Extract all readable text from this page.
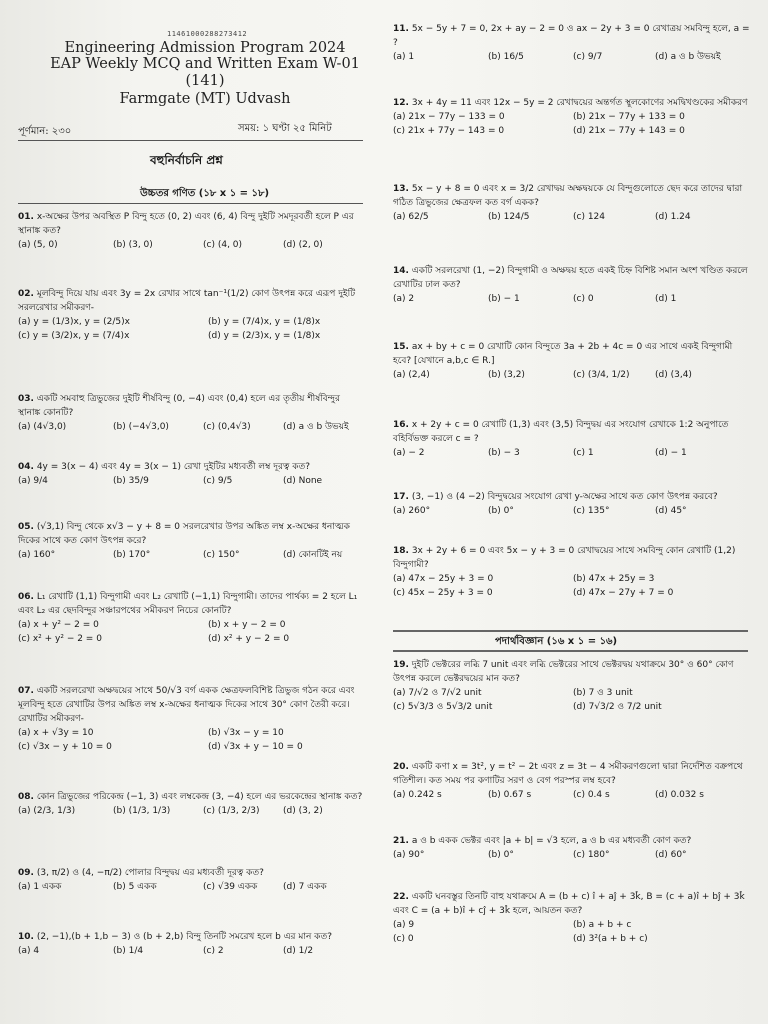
11461000288273412
Engineering Admission Program 2024
EAP Weekly MCQ and Written Exam W-01
(141)
Farmgate (MT) Udvash
পূর্ণমান: ২৩০	সময়: ১ ঘণ্টা ২৫ মিনিট
বহুনির্বাচনি প্রশ্ন
উচ্চতর গণিত (১৮ x ১ = ১৮)
01. x-অক্ষের উপর অবস্থিত P বিন্দু হতে (0, 2) এবং (6, 4) বিন্দু দুইটি সমদূরবর্তী হলে P এর স্থানাঙ্ক কত?
(a) (5, 0)	(b) (3, 0)	(c) (4, 0)	(d) (2, 0)
02. মূলবিন্দু দিয়ে যায় এবং 3y = 2x রেখার সাথে tan⁻¹(1/2) কোণ উৎপন্ন করে এরূপ দুইটি সরলরেখার সমীকরণ-
(a) y = (1/3)x, y = (2/5)x	(b) y = (7/4)x, y = (1/8)x
(c) y = (3/2)x, y = (7/4)x	(d) y = (2/3)x, y = (1/8)x
03. একটি সমবাহু ত্রিভুজের দুইটি শীর্ষবিন্দু (0, −4) এবং (0,4) হলে এর তৃতীয় শীর্ষবিন্দুর স্থানাঙ্ক কোনটি?
(a) (4√3,0)	(b) (−4√3,0)	(c) (0,4√3)	(d) a ও b উভয়ই
04. 4y = 3(x − 4) এবং 4y = 3(x − 1) রেখা দুইটির মধ্যবর্তী লম্ব দূরত্ব কত?
(a) 9/4	(b) 35/9	(c) 9/5	(d) None
05. (√3,1) বিন্দু থেকে x√3 − y + 8 = 0 সরলরেখার উপর অঙ্কিত লম্ব x-অক্ষের ধনাত্মক দিকের সাথে কত কোণ উৎপন্ন করে?
(a) 160°	(b) 170°	(c) 150°	(d) কোনটিই নয়
06. L₁ রেখাটি (1,1) বিন্দুগামী এবং L₂ রেখাটি (−1,1) বিন্দুগামী। তাদের পার্থক্য = 2 হলে L₁ এবং L₂ এর ছেদবিন্দুর সঞ্চারপথের সমীকরণ নিচের কোনটি?
(a) x + y² − 2 = 0	(b) x + y − 2 = 0
(c) x² + y² − 2 = 0	(d) x² + y − 2 = 0
07. একটি সরলরেখা অক্ষদ্বয়ের সাথে 50/√3 বর্গ একক ক্ষেত্রফলবিশিষ্ট ত্রিভুজ গঠন করে এবং মূলবিন্দু হতে রেখাটির উপর অঙ্কিত লম্ব x-অক্ষের ধনাত্মক দিকের সাথে 30° কোণ তৈরী করে। রেখাটির সমীকরণ-
(a) x + √3y = 10	(b) √3x − y = 10
(c) √3x − y + 10 = 0	(d) √3x + y − 10 = 0
08. কোন ত্রিভুজের পরিকেন্দ্র (−1, 3) এবং লম্বকেন্দ্র (3, −4) হলে এর ভরকেন্দ্রের স্থানাঙ্ক কত?
(a) (2/3, 1/3)	(b) (1/3, 1/3)	(c) (1/3, 2/3)	(d) (3, 2)
09. (3, π/2) ও (4, −π/2) পোলার বিন্দুদ্বয় এর মধ্যবর্তী দূরত্ব কত?
(a) 1 একক	(b) 5 একক	(c) √39 একক	(d) 7 একক
10. (2, −1),(b + 1,b − 3) ও (b + 2,b) বিন্দু তিনটি সমরেখ হলে b এর মান কত?
(a) 4	(b) 1/4	(c) 2	(d) 1/2
11. 5x − 5y + 7 = 0, 2x + ay − 2 = 0 ও ax − 2y + 3 = 0 রেখাত্রয় সমবিন্দু হলে, a = ?
(a) 1	(b) 16/5	(c) 9/7	(d) a ও b উভয়ই
12. 3x + 4y = 11 এবং 12x − 5y = 2 রেখাদ্বয়ের অন্তর্গত স্থূলকোণের সমদ্বিখণ্ডকের সমীকরণ
(a) 21x − 77y − 133 = 0	(b) 21x − 77y + 133 = 0
(c) 21x + 77y − 143 = 0	(d) 21x − 77y + 143 = 0
13. 5x − y + 8 = 0 এবং x = 3/2 রেখাদ্বয় অক্ষদ্বয়কে যে বিন্দুগুলোতে ছেদ করে তাদের দ্বারা গঠিত ত্রিভুজের ক্ষেত্রফল কত বর্গ একক?
(a) 62/5	(b) 124/5	(c) 124	(d) 1.24
14. একটি সরলরেখা (1, −2) বিন্দুগামী ও অক্ষদ্বয় হতে একই চিহ্ন বিশিষ্ট সমান অংশ খণ্ডিত করলে রেখাটির ঢাল কত?
(a) 2	(b) − 1	(c) 0	(d) 1
15. ax + by + c = 0 রেখাটি কোন বিন্দুতে 3a + 2b + 4c = 0 এর সাথে একই বিন্দুগামী হবে? [যেখানে a,b,c ∈ R.]
(a) (2,4)	(b) (3,2)	(c) (3/4, 1/2)	(d) (3,4)
16. x + 2y + c = 0 রেখাটি (1,3) এবং (3,5) বিন্দুদ্বয় এর সংযোগ রেখাকে 1:2 অনুপাতে বহির্বিভক্ত করলে c = ?
(a) − 2	(b) − 3	(c) 1	(d) − 1
17. (3, −1) ও (4 −2) বিন্দুদ্বয়ের সংযোগ রেখা y-অক্ষের সাথে কত কোণ উৎপন্ন করবে?
(a) 260°	(b) 0°	(c) 135°	(d) 45°
18. 3x + 2y + 6 = 0 এবং 5x − y + 3 = 0 রেখাদ্বয়ের সাথে সমবিন্দু কোন রেখাটি (1,2) বিন্দুগামী?
(a) 47x − 25y + 3 = 0	(b) 47x + 25y = 3
(c) 45x − 25y + 3 = 0	(d) 47x − 27y + 7 = 0
পদার্থবিজ্ঞান (১৬ x ১ = ১৬)
19. দুইটি ভেক্টরের লব্ধি 7 unit এবং লব্ধি ভেক্টরের সাথে ভেক্টরদ্বয় যথাক্রমে 30° ও 60° কোণ উৎপন্ন করলে ভেক্টরদ্বয়ের মান কত?
(a) 7/√2 ও 7/√2 unit	(b) 7 ও 3 unit
(c) 5√3/3 ও 5√3/2 unit	(d) 7√3/2 ও 7/2 unit
20. একটি কণা x = 3t², y = t² − 2t এবং z = 3t − 4 সমীকরণগুলো দ্বারা নির্দেশিত বক্রপথে গতিশীল। কত সময় পর কণাটির সরণ ও বেগ পরস্পর লম্ব হবে?
(a) 0.242 s	(b) 0.67 s	(c) 0.4 s	(d) 0.032 s
21. a ও b একক ভেক্টর এবং |a + b| = √3 হলে, a ও b এর মধ্যবর্তী কোণ কত?
(a) 90°	(b) 0°	(c) 180°	(d) 60°
22. একটি ঘনবস্তুর তিনটি বাহু যথাক্রমে A = (b + c) î + aĵ + 3k̂, B = (c + a)î + bĵ + 3k̂ এবং C = (a + b)î + cĵ + 3k̂ হলে, আয়তন কত?
(a) 9	(b) a + b + c
(c) 0	(d) 3²(a + b + c)
